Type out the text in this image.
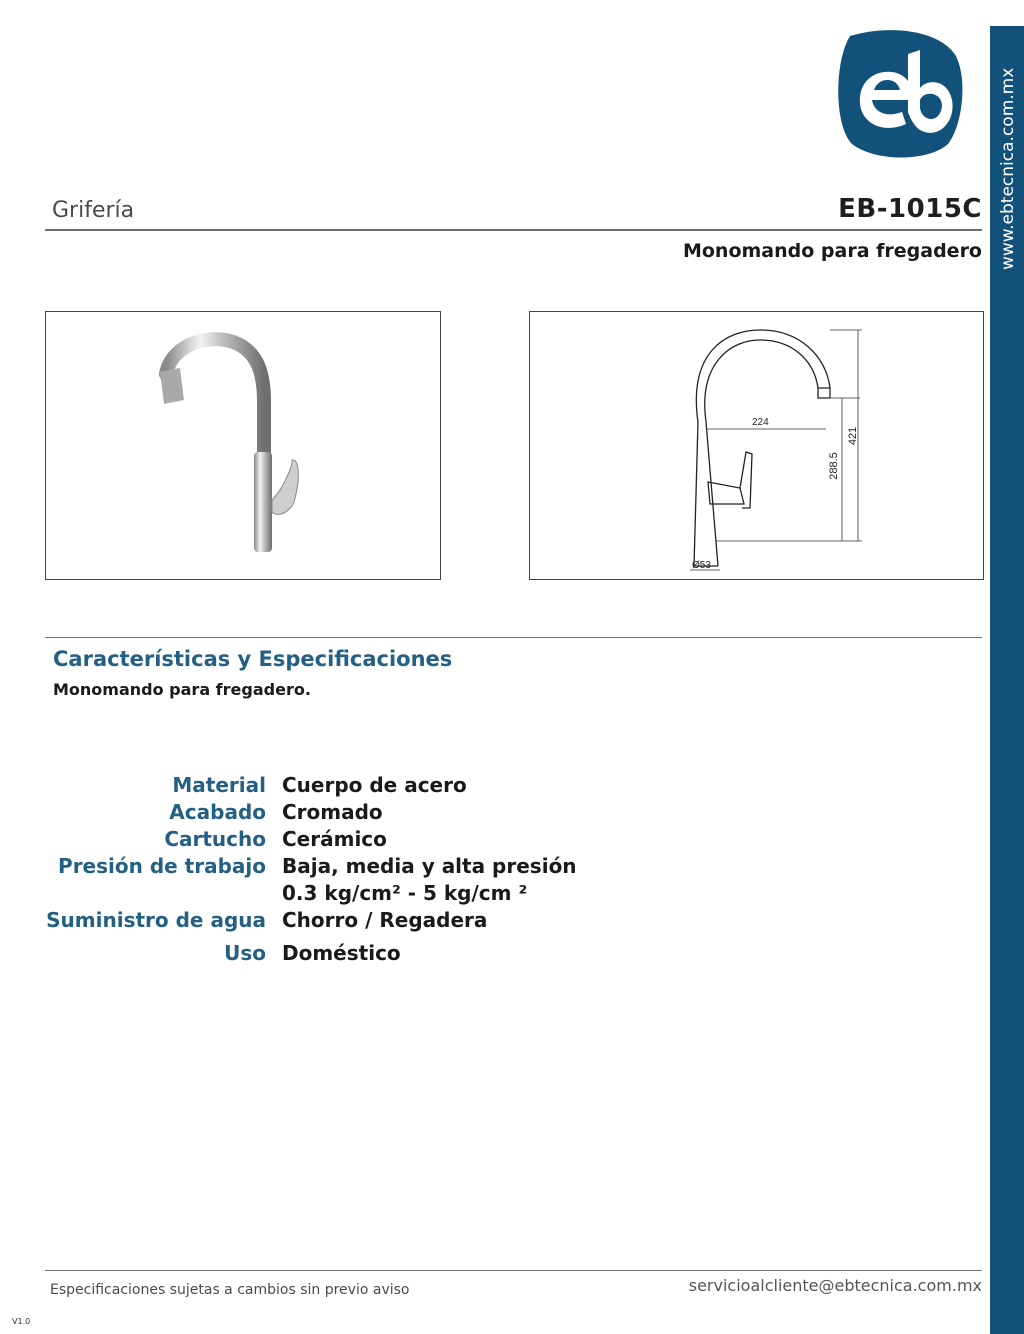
www.ebtecnica.com.mx
Grifería	EB-1015C
Monomando para fregadero
224
421
288.5
Ø53
Características y Especificaciones
Monomando para fregadero.
Material Cuerpo de acero
Acabado Cromado
Cartucho Cerámico
Presión de trabajo Baja, media y alta presión
0.3 kg/cm² - 5 kg/cm ²
Suministro de agua Chorro / Regadera
Uso Doméstico
Especificaciones sujetas a cambios sin previo aviso	servicioalcliente@ebtecnica.com.mx
V1.0
